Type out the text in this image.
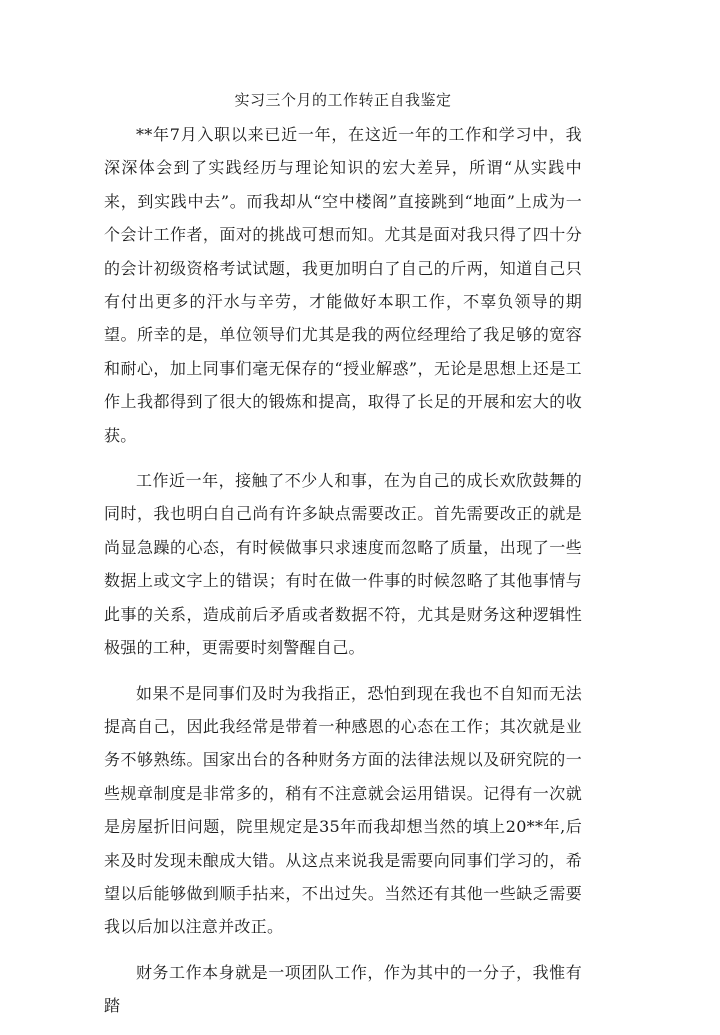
实习三个月的工作转正自我鉴定

**年7月入职以来已近一年，在这近一年的工作和学习中，我深深体会到了实践经历与理论知识的宏大差异，所谓“从实践中来，到实践中去”。而我却从“空中楼阁”直接跳到“地面”上成为一个会计工作者，面对的挑战可想而知。尤其是面对我只得了四十分的会计初级资格考试试题，我更加明白了自己的斤两，知道自己只有付出更多的汗水与辛劳，才能做好本职工作，不辜负领导的期望。所幸的是，单位领导们尤其是我的两位经理给了我足够的宽容和耐心，加上同事们毫无保存的“授业解惑”，无论是思想上还是工作上我都得到了很大的锻炼和提高，取得了长足的开展和宏大的收获。

工作近一年，接触了不少人和事，在为自己的成长欢欣鼓舞的同时，我也明白自己尚有许多缺点需要改正。首先需要改正的就是尚显急躁的心态，有时候做事只求速度而忽略了质量，出现了一些数据上或文字上的错误；有时在做一件事的时候忽略了其他事情与此事的关系，造成前后矛盾或者数据不符，尤其是财务这种逻辑性极强的工种，更需要时刻警醒自己。

如果不是同事们及时为我指正，恐怕到现在我也不自知而无法提高自己，因此我经常是带着一种感恩的心态在工作；其次就是业务不够熟练。国家出台的各种财务方面的法律法规以及研究院的一些规章制度是非常多的，稍有不注意就会运用错误。记得有一次就是房屋折旧问题，院里规定是35年而我却想当然的填上20**年,后来及时发现未酿成大错。从这点来说我是需要向同事们学习的，希望以后能够做到顺手拈来，不出过失。当然还有其他一些缺乏需要我以后加以注意并改正。

财务工作本身就是一项团队工作，作为其中的一分子，我惟有踏
